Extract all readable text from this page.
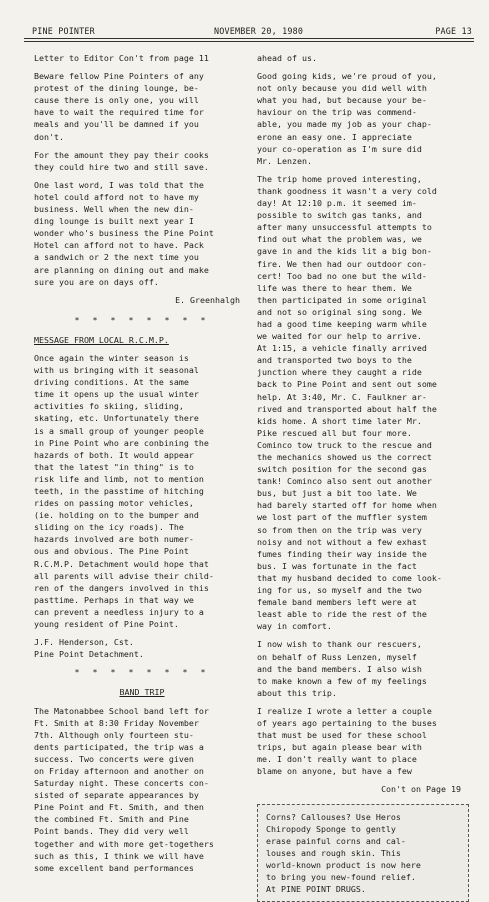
PINE POINTER	NOVEMBER 20, 1980	PAGE 13

Letter to Editor Con't from page 11

Beware fellow Pine Pointers of any
protest of the dining lounge, be-
cause there is only one, you will
have to wait the required time for
meals and you'll be damned if you
don't.

For the amount they pay their cooks
they could hire two and still save.

One last word, I was told that the
hotel could afford not to have my
business. Well when the new din-
ding lounge is built next year I
wonder who's business the Pine Point
Hotel can afford not to have. Pack
a sandwich or 2 the next time you
are planning on dining out and make
sure you are on days off.

E. Greenhalgh
* * * * * * * *
MESSAGE FROM LOCAL R.C.M.P.

Once again the winter season is
with us bringing with it seasonal
driving conditions. At the same
time it opens up the usual winter
activities fo skiing, sliding,
skating, etc. Unfortunately there
is a small group of younger people
in Pine Point who are conbining the
hazards of both. It would appear
that the latest "in thing" is to
risk life and limb, not to mention
teeth, in the passtime of hitching
rides on passing motor vehicles,
(ie. holding on to the bumper and
sliding on the icy roads). The
hazards involved are both numer-
ous and obvious. The Pine Point
R.C.M.P. Detachment would hope that
all parents will advise their child-
ren of the dangers involved in this
pasttime. Perhaps in that way we
can prevent a needless injury to a
young resident of Pine Point.

J.F. Henderson, Cst.
Pine Point Detachment.

* * * * * * * *
BAND TRIP

The Matonabbee School band left for
Ft. Smith at 8:30 Friday November
7th. Although only fourteen stu-
dents participated, the trip was a
success. Two concerts were given
on Friday afternoon and another on
Saturday night. These concerts con-
sisted of separate appearances by
Pine Point and Ft. Smith, and then
the combined Ft. Smith and Pine
Point bands. They did very well
together and with more get-togethers
such as this, I think we will have
some excellent band performances

ahead of us.

Good going kids, we're proud of you,
not only because you did well with
what you had, but because your be-
haviour on the trip was commend-
able, you made my job as your chap-
erone an easy one. I appreciate
your co-operation as I'm sure did
Mr. Lenzen.

The trip home proved interesting,
thank goodness it wasn't a very cold
day! At 12:10 p.m. it seemed im-
possible to switch gas tanks, and
after many unsuccessful attempts to
find out what the problem was, we
gave in and the kids lit a big bon-
fire. We then had our outdoor con-
cert! Too bad no one but the wild-
life was there to hear them. We
then participated in some original
and not so original sing song. We
had a good time keeping warm while
we waited for our help to arrive.
At 1:15, a vehicle finally arrived
and transported two boys to the
junction where they caught a ride
back to Pine Point and sent out some
help. At 3:40, Mr. C. Faulkner ar-
rived and transported about half the
kids home. A short time later Mr.
Pike rescued all but four more.
Cominco tow truck to the rescue and
the mechanics showed us the correct
switch position for the second gas
tank! Cominco also sent out another
bus, but just a bit too late. We
had barely started off for home when
we lost part of the muffler system
so from then on the trip was very
noisy and not without a few exhast
fumes finding their way inside the
bus. I was fortunate in the fact
that my husband decided to come look-
ing for us, so myself and the two
female band members left were at
least able to ride the rest of the
way in comfort.

I now wish to thank our rescuers,
on behalf of Russ Lenzen, myself
and the band members. I also wish
to make known a few of my feelings
about this trip.

I realize I wrote a letter a couple
of years ago pertaining to the buses
that must be used for these school
trips, but again please bear with
me. I don't really want to place
blame on anyone, but have a few

Con't on Page 19

Corns? Callouses? Use Heros
Chiropody Sponge to gently
erase painful corns and cal-
louses and rough skin. This
world-known product is now here
to bring you new-found relief.
At PINE POINT DRUGS.
